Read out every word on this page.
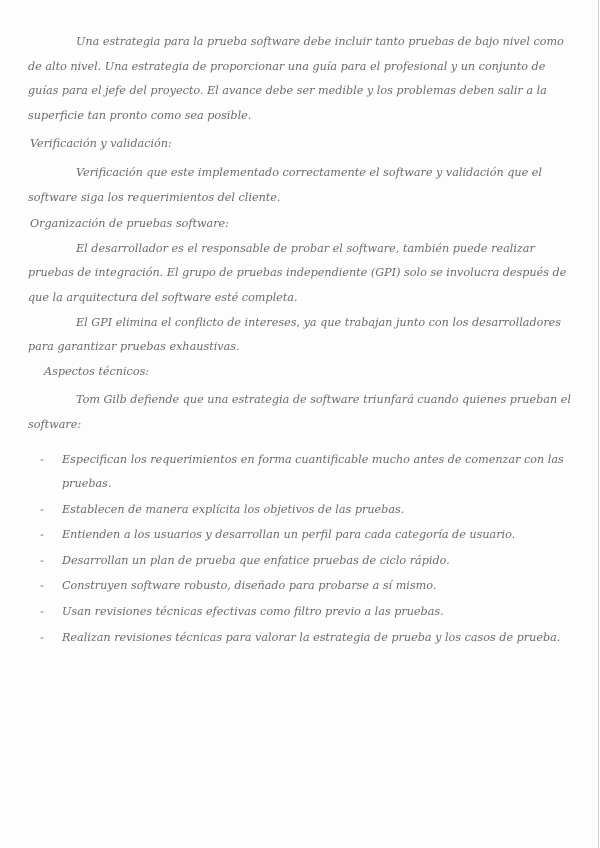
Una estrategia para la prueba software debe incluir tanto pruebas de bajo nivel como de alto nivel. Una estrategia de proporcionar una guía para el profesional y un conjunto de guías para el jefe del proyecto. El avance debe ser medible y los problemas deben salir a la superficie tan pronto como sea posible.

Verificación y validación:

Verificación que este implementado correctamente el software y validación que el software siga los requerimientos del cliente.

Organización de pruebas software:

El desarrollador es el responsable de probar el software, también puede realizar pruebas de integración. El grupo de pruebas independiente (GPI) solo se involucra después de que la arquitectura del software esté completa.

El GPI elimina el conflicto de intereses, ya que trabajan junto con los desarrolladores para garantizar pruebas exhaustivas.

Aspectos técnicos:

Tom Gilb defiende que una estrategia de software triunfará cuando quienes prueban el software:

- Especifican los requerimientos en forma cuantificable mucho antes de comenzar con las pruebas.
- Establecen de manera explícita los objetivos de las pruebas.
- Entienden a los usuarios y desarrollan un perfil para cada categoría de usuario.
- Desarrollan un plan de prueba que enfatice pruebas de ciclo rápido.
- Construyen software robusto, diseñado para probarse a sí mismo.
- Usan revisiones técnicas efectivas como filtro previo a las pruebas.
- Realizan revisiones técnicas para valorar la estrategia de prueba y los casos de prueba.
